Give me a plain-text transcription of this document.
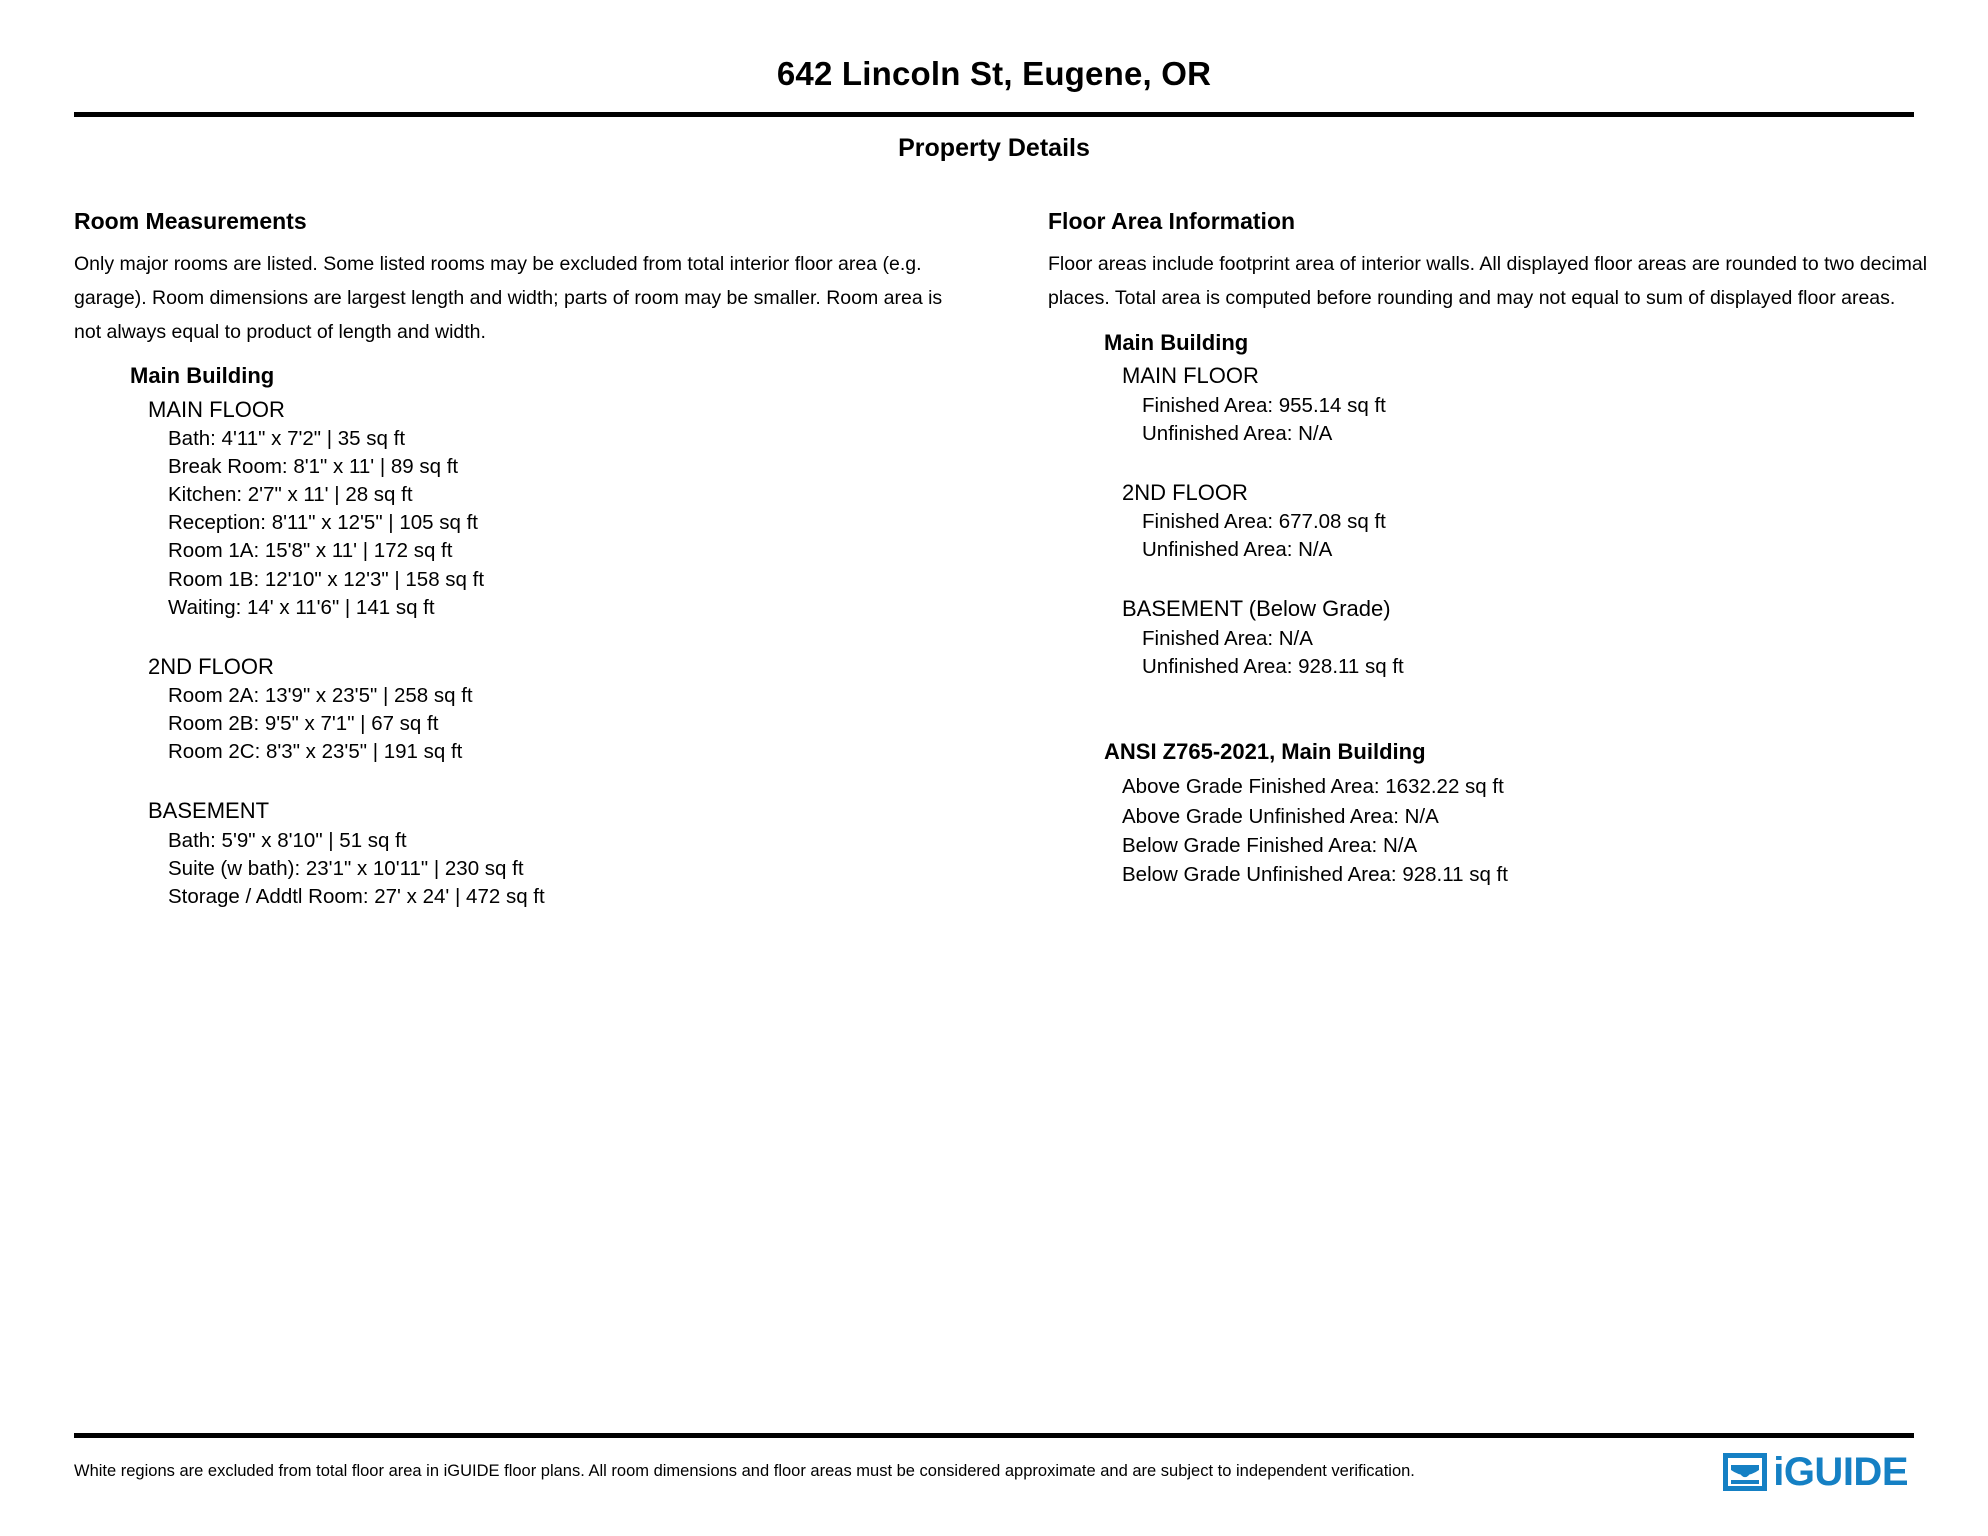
642 Lincoln St, Eugene, OR
Property Details
Room Measurements

Only major rooms are listed. Some listed rooms may be excluded from total interior floor area (e.g. garage). Room dimensions are largest length and width; parts of room may be smaller. Room area is not always equal to product of length and width.

Main Building
MAIN FLOOR
Bath: 4'11" x 7'2" | 35 sq ft
Break Room: 8'1" x 11' | 89 sq ft
Kitchen: 2'7" x 11' | 28 sq ft
Reception: 8'11" x 12'5" | 105 sq ft
Room 1A: 15'8" x 11' | 172 sq ft
Room 1B: 12'10" x 12'3" | 158 sq ft
Waiting: 14' x 11'6" | 141 sq ft
2ND FLOOR
Room 2A: 13'9" x 23'5" | 258 sq ft
Room 2B: 9'5" x 7'1" | 67 sq ft
Room 2C: 8'3" x 23'5" | 191 sq ft
BASEMENT
Bath: 5'9" x 8'10" | 51 sq ft
Suite (w bath): 23'1" x 10'11" | 230 sq ft
Storage / Addtl Room: 27' x 24' | 472 sq ft
Floor Area Information

Floor areas include footprint area of interior walls. All displayed floor areas are rounded to two decimal places. Total area is computed before rounding and may not equal to sum of displayed floor areas.

Main Building
MAIN FLOOR
Finished Area: 955.14 sq ft
Unfinished Area: N/A
2ND FLOOR
Finished Area: 677.08 sq ft
Unfinished Area: N/A
BASEMENT (Below Grade)
Finished Area: N/A
Unfinished Area: 928.11 sq ft
ANSI Z765-2021, Main Building
Above Grade Finished Area: 1632.22 sq ft
Above Grade Unfinished Area: N/A
Below Grade Finished Area: N/A
Below Grade Unfinished Area: 928.11 sq ft
White regions are excluded from total floor area in iGUIDE floor plans. All room dimensions and floor areas must be considered approximate and are subject to independent verification.	iGUIDE
